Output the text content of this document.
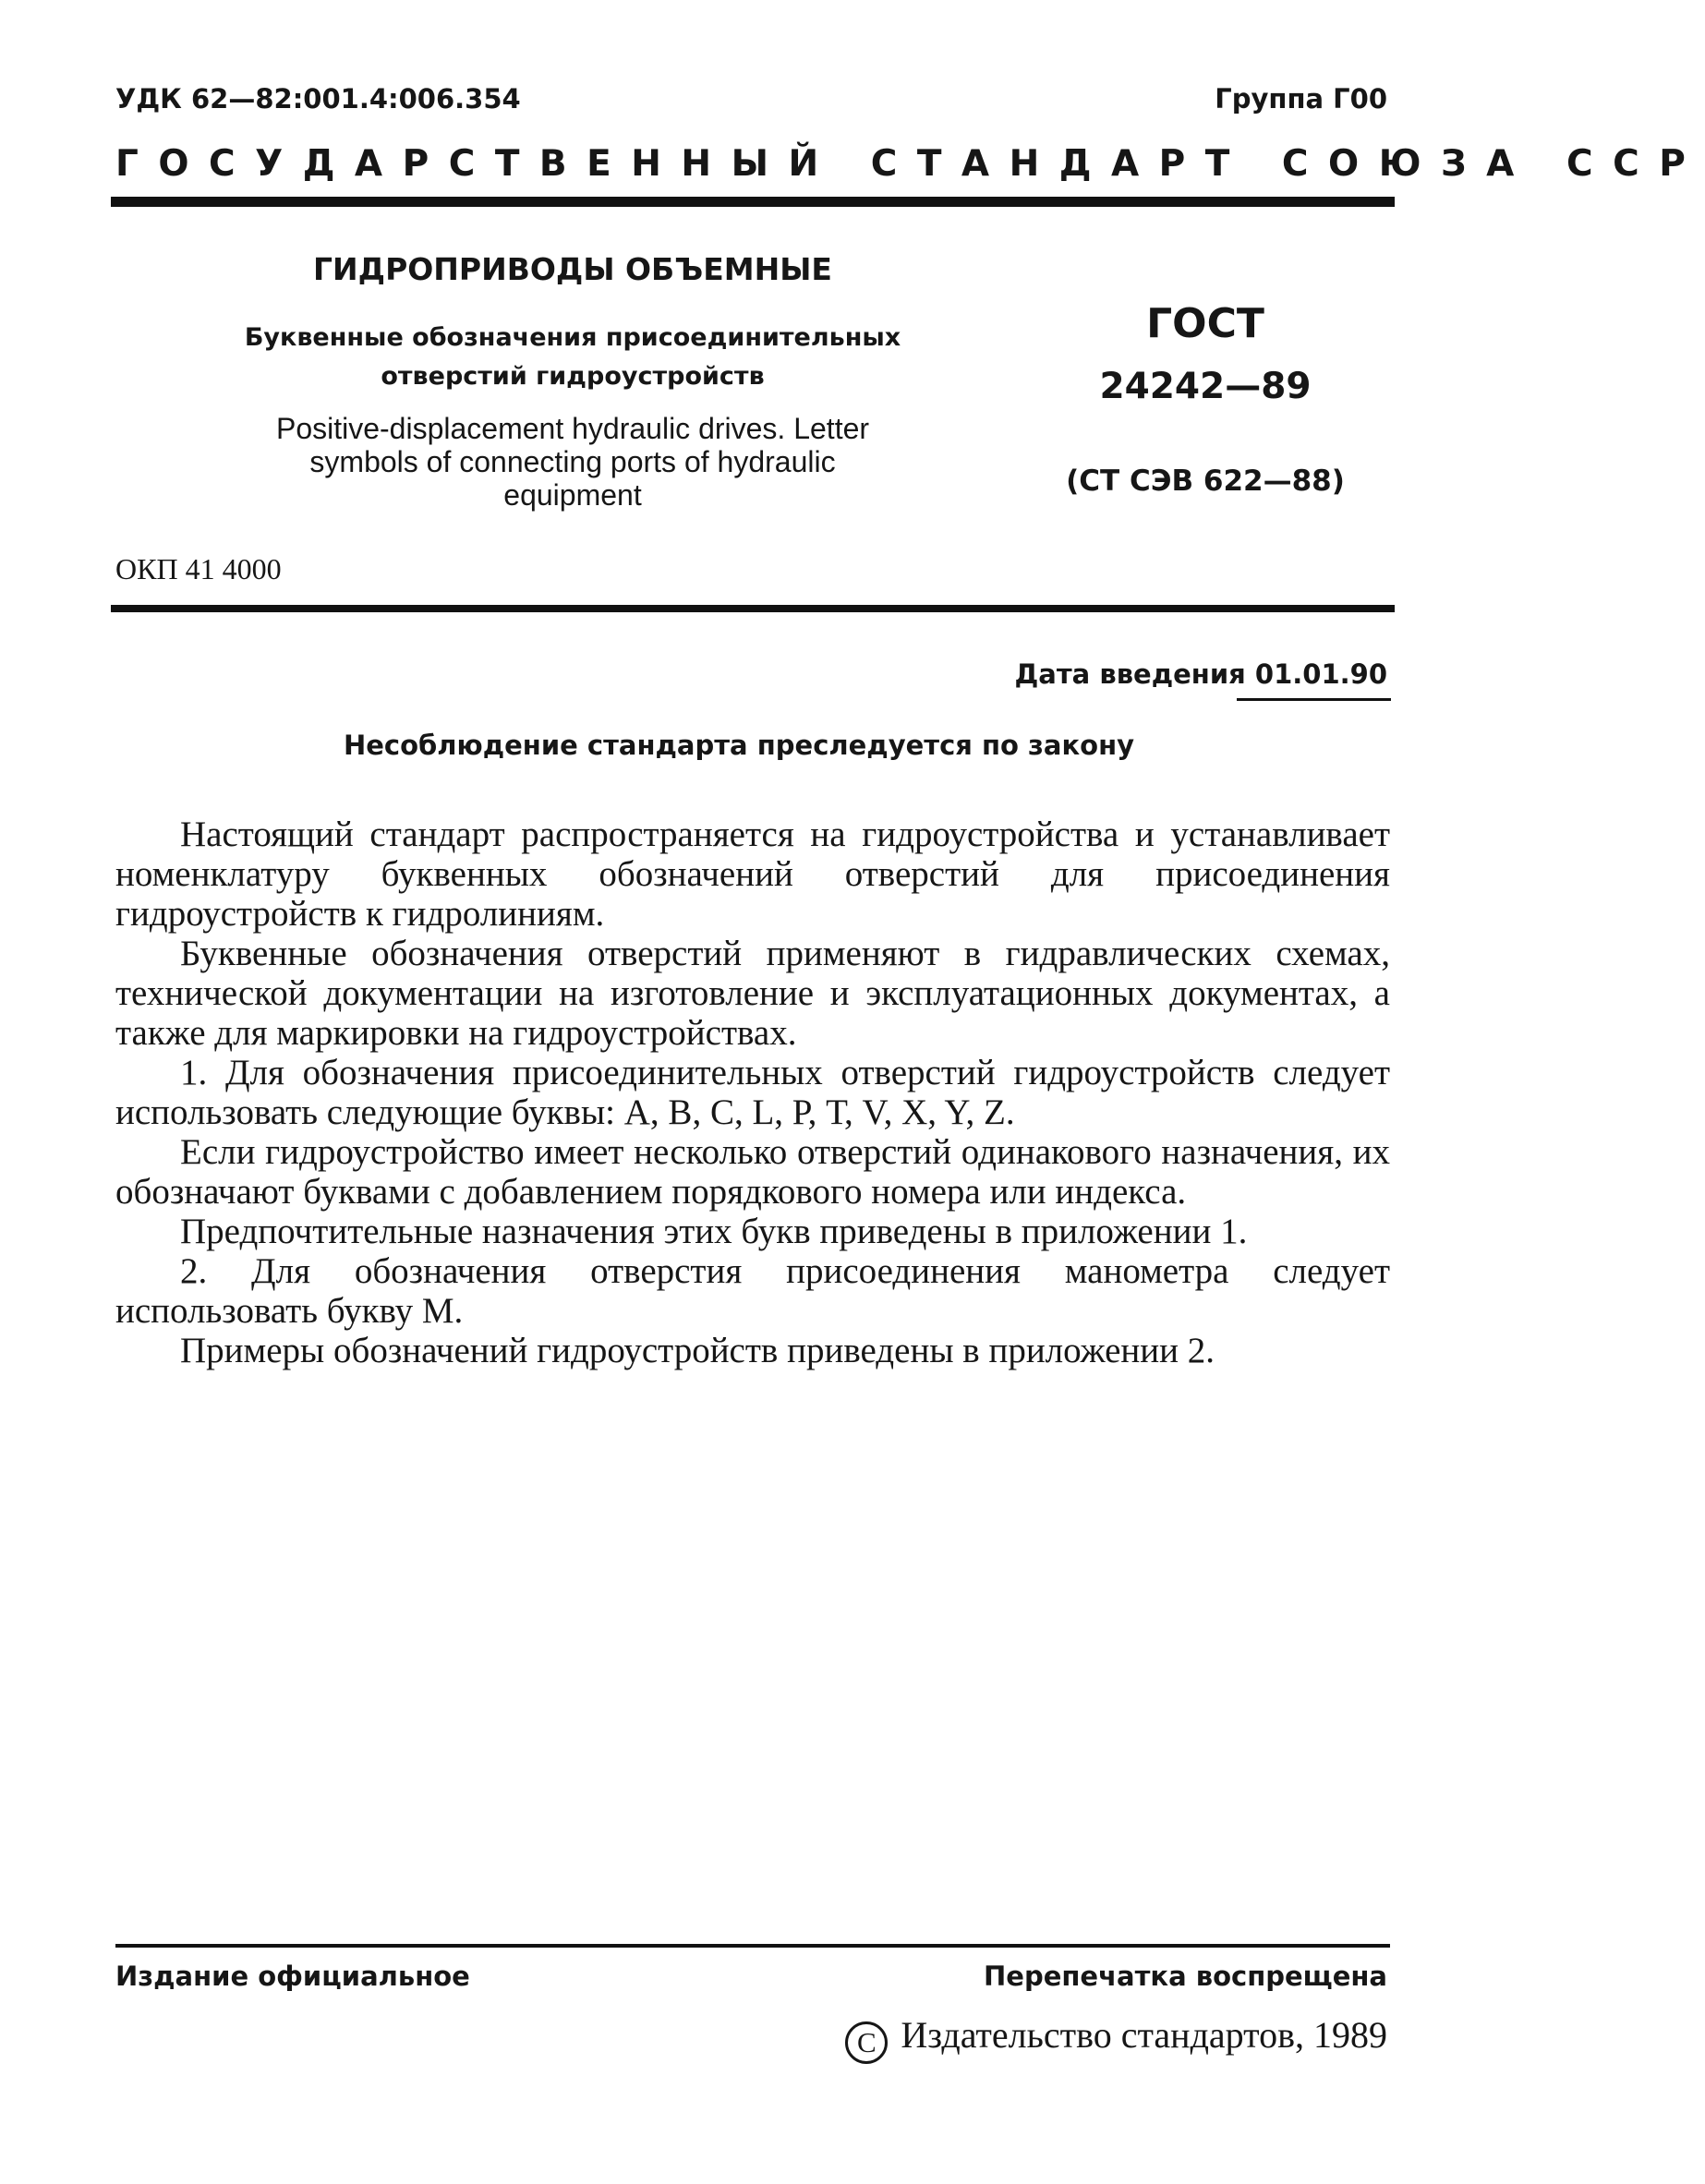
УДК 62—82:001.4:006.354	Группа Г00
ГОСУДАРСТВЕННЫЙ СТАНДАРТ СОЮЗА ССР
ГИДРОПРИВОДЫ ОБЪЕМНЫЕ
Буквенные обозначения присоединительных
отверстий гидроустройств
Positive-displacement hydraulic drives. Letter
symbols of connecting ports of hydraulic
equipment
ГОСТ
24242—89
(СТ СЭВ 622—88)
ОКП 41 4000
Дата введения 01.01.90
Несоблюдение стандарта преследуется по закону

Настоящий стандарт распространяется на гидроустройства и устанавливает номенклатуру буквенных обозначений отверстий для присоединения гидроустройств к гидролиниям.

Буквенные обозначения отверстий применяют в гидравлических схемах, технической документации на изготовление и эксплуатационных документах, а также для маркировки на гидроустройствах.

1. Для обозначения присоединительных отверстий гидроустройств следует использовать следующие буквы: А, В, С, L, Р, Т, V, X, Y, Z.

Если гидроустройство имеет несколько отверстий одинакового назначения, их обозначают буквами с добавлением порядкового номера или индекса.

Предпочтительные назначения этих букв приведены в приложении 1.

2. Для обозначения отверстия присоединения манометра следует использовать букву М.

Примеры обозначений гидроустройств приведены в приложении 2.

Издание официальное	Перепечатка воспрещена
C Издательство стандартов, 1989
